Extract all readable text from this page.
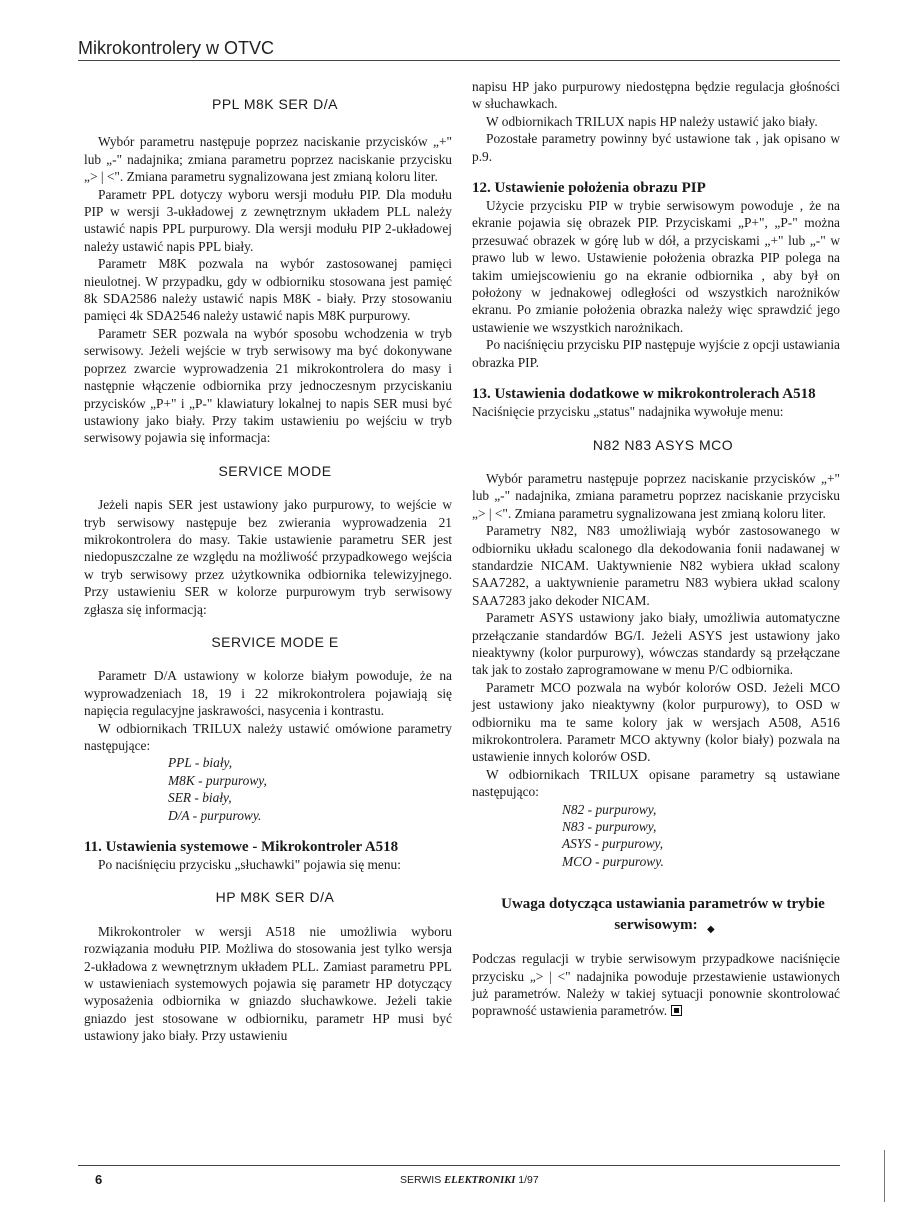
Mikrokontrolery w OTVC

PPL M8K SER D/A

Wybór parametru następuje poprzez naciskanie przycisków „+" lub „-" nadajnika; zmiana parametru poprzez naciskanie przycisku „> | <". Zmiana parametru sygnalizowana jest zmianą koloru liter.

Parametr PPL dotyczy wyboru wersji modułu PIP. Dla modułu PIP w wersji 3-układowej z zewnętrznym układem PLL należy ustawić napis PPL purpurowy. Dla wersji modułu PIP 2-układowej należy ustawić napis PPL biały.

Parametr M8K pozwala na wybór zastosowanej pamięci nieulotnej. W przypadku, gdy w odbiorniku stosowana jest pamięć 8k SDA2586 należy ustawić napis M8K - biały. Przy stosowaniu pamięci 4k SDA2546 należy ustawić napis M8K purpurowy.

Parametr SER pozwala na wybór sposobu wchodzenia w tryb serwisowy. Jeżeli wejście w tryb serwisowy ma być dokonywane poprzez zwarcie wyprowadzenia 21 mikrokontrolera do masy i następnie włączenie odbiornika przy jednoczesnym przyciskaniu przycisków „P+" i „P-" klawiatury lokalnej to napis SER musi być ustawiony jako biały. Przy takim ustawieniu po wejściu w tryb serwisowy pojawia się informacja:

SERVICE MODE

Jeżeli napis SER jest ustawiony jako purpurowy, to wejście w tryb serwisowy następuje bez zwierania wyprowadzenia 21 mikrokontrolera do masy. Takie ustawienie parametru SER jest niedopuszczalne ze względu na możliwość przypadkowego wejścia w tryb serwisowy przez użytkownika odbiornika telewizyjnego. Przy ustawieniu SER w kolorze purpurowym tryb serwisowy zgłasza się informacją:

SERVICE MODE E

Parametr D/A ustawiony w kolorze białym powoduje, że na wyprowadzeniach 18, 19 i 22 mikrokontrolera pojawiają się napięcia regulacyjne jaskrawości, nasycenia i kontrastu.

W odbiornikach TRILUX należy ustawić omówione parametry następujące:

PPL - biały,
M8K - purpurowy,
SER - biały,
D/A - purpurowy.
11. Ustawienia systemowe - Mikrokontroler A518

Po naciśnięciu przycisku „słuchawki" pojawia się menu:

HP M8K SER D/A

Mikrokontroler w wersji A518 nie umożliwia wyboru rozwiązania modułu PIP. Możliwa do stosowania jest tylko wersja 2-układowa z wewnętrznym układem PLL. Zamiast parametru PPL w ustawieniach systemowych pojawia się parametr HP dotyczący wyposażenia odbiornika w gniazdo słuchawkowe. Jeżeli takie gniazdo jest stosowane w odbiorniku, parametr HP musi być ustawiony jako biały. Przy ustawieniu

napisu HP jako purpurowy niedostępna będzie regulacja głośności w słuchawkach.

W odbiornikach TRILUX napis HP należy ustawić jako biały.

Pozostałe parametry powinny być ustawione tak , jak opisano w p.9.

12. Ustawienie położenia obrazu PIP

Użycie przycisku PIP w trybie serwisowym powoduje , że na ekranie pojawia się obrazek PIP. Przyciskami „P+", „P-" można przesuwać obrazek w górę lub w dół, a przyciskami „+" lub „-" w prawo lub w lewo. Ustawienie położenia obrazka PIP polega na takim umiejscowieniu go na ekranie odbiornika , aby był on położony w jednakowej odległości od wszystkich narożników ekranu. Po zmianie położenia obrazka należy więc sprawdzić jego ustawienie we wszystkich narożnikach.

Po naciśnięciu przycisku PIP następuje wyjście z opcji ustawiania obrazka PIP.

13. Ustawienia dodatkowe w mikrokontrolerach A518

Naciśnięcie przycisku „status" nadajnika wywołuje menu:

N82 N83 ASYS MCO

Wybór parametru następuje poprzez naciskanie przycisków „+" lub „-" nadajnika, zmiana parametru poprzez naciskanie przycisku „> | <". Zmiana parametru sygnalizowana jest zmianą koloru liter.

Parametry N82, N83 umożliwiają wybór zastosowanego w odbiorniku układu scalonego dla dekodowania fonii nadawanej w standardzie NICAM. Uaktywnienie N82 wybiera układ scalony SAA7282, a uaktywnienie parametru N83 wybiera układ scalony SAA7283 jako dekoder NICAM.

Parametr ASYS ustawiony jako biały, umożliwia automatyczne przełączanie standardów BG/I. Jeżeli ASYS jest ustawiony jako nieaktywny (kolor purpurowy), wówczas standardy są przełączane tak jak to zostało zaprogramowane w menu P/C odbiornika.

Parametr MCO pozwala na wybór kolorów OSD. Jeżeli MCO jest ustawiony jako nieaktywny (kolor purpurowy), to OSD w odbiorniku ma te same kolory jak w wersjach A508, A516 mikrokontrolera. Parametr MCO aktywny (kolor biały) pozwala na ustawienie innych kolorów OSD.

W odbiornikach TRILUX opisane parametry są ustawiane następująco:

N82 - purpurowy,
N83 - purpurowy,
ASYS - purpurowy,
MCO - purpurowy.

Uwaga dotycząca ustawiania parametrów w trybie serwisowym:

Podczas regulacji w trybie serwisowym przypadkowe naciśnięcie przycisku „> | <" nadajnika powoduje przestawienie ustawionych już parametrów. Należy w takiej sytuacji ponownie skontrolować poprawność ustawienia parametrów.

◆
6	SERWIS ELEKTRONIKI 1/97
